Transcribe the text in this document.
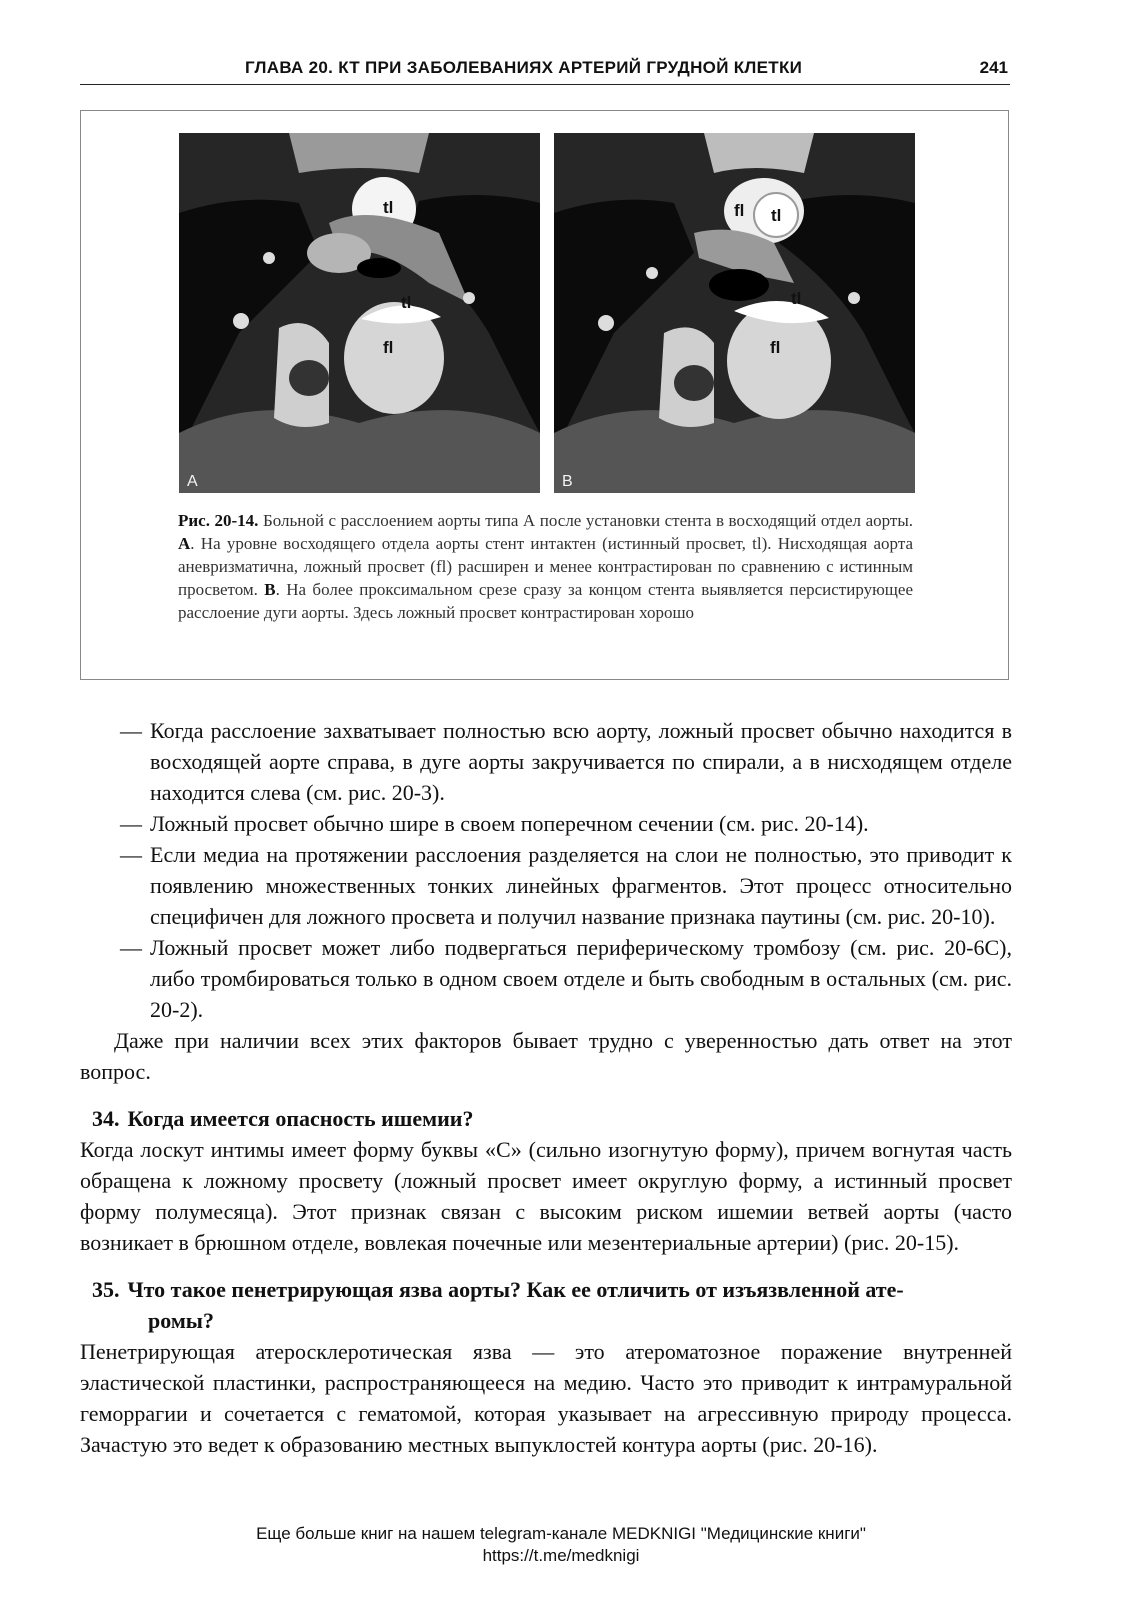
ГЛАВА 20. КТ ПРИ ЗАБОЛЕВАНИЯХ АРТЕРИЙ ГРУДНОЙ КЛЕТКИ	241
tl
tl
fl
A
fl tl
tl
fl
B
Рис. 20-14. Больной с расслоением аорты типа А после установки стента в восходящий отдел аорты. A. На уровне восходящего отдела аорты стент интактен (истинный просвет, tl). Нисходящая аорта аневризматична, ложный просвет (fl) расширен и менее контрастирован по сравнению с истинным просветом. B. На более проксимальном срезе сразу за концом стента выявляется персистирующее расслоение дуги аорты. Здесь ложный просвет контрастирован хорошо

— Когда расслоение захватывает полностью всю аорту, ложный просвет обычно находится в восходящей аорте справа, в дуге аорты закручивается по спирали, а в нисходящем отделе находится слева (см. рис. 20-3).

— Ложный просвет обычно шире в своем поперечном сечении (см. рис. 20-14).

— Если медиа на протяжении расслоения разделяется на слои не полностью, это приводит к появлению множественных тонких линейных фрагментов. Этот процесс относительно специфичен для ложного просвета и получил название признака паутины (см. рис. 20-10).

— Ложный просвет может либо подвергаться периферическому тромбозу (см. рис. 20-6С), либо тромбироваться только в одном своем отделе и быть свободным в остальных (см. рис. 20-2).

Даже при наличии всех этих факторов бывает трудно с уверенностью дать ответ на этот вопрос.

34. Когда имеется опасность ишемии?

Когда лоскут интимы имеет форму буквы «С» (сильно изогнутую форму), причем вогнутая часть обращена к ложному просвету (ложный просвет имеет округлую форму, а истинный просвет форму полумесяца). Этот признак связан с высоким риском ишемии ветвей аорты (часто возникает в брюшном отделе, вовлекая почечные или мезентериальные артерии) (рис. 20-15).

35. Что такое пенетрирующая язва аорты? Как ее отличить от изъязвленной ате-
ромы?

Пенетрирующая атеросклеротическая язва — это атероматозное поражение внутренней эластической пластинки, распространяющееся на медию. Часто это приводит к интрамуральной геморрагии и сочетается с гематомой, которая указывает на агрессивную природу процесса. Зачастую это ведет к образованию местных выпуклостей контура аорты (рис. 20-16).

Еще больше книг на нашем telegram-канале MEDKNIGI "Медицинские книги"
https://t.me/medknigi
